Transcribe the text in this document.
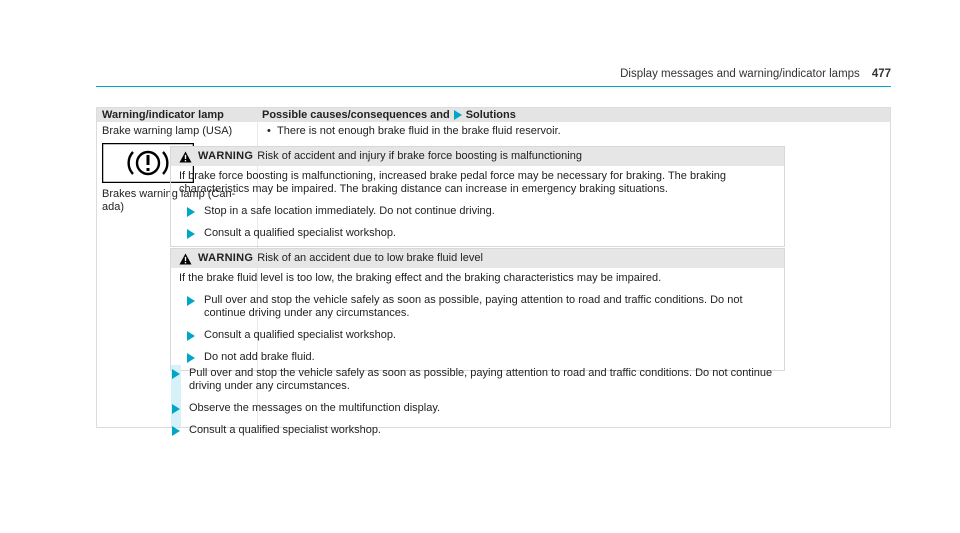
Display messages and warning/indicator lamps 477
Warning/indicator lamp	Possible causes/consequences and Solutions
Brake warning lamp (USA)
Brakes warning lamp (Can-ada)
• There is not enough brake fluid in the brake fluid reservoir.
WARNING Risk of accident and injury if brake force boosting is malfunctioning
If brake force boosting is malfunctioning, increased brake pedal force may be necessary for braking. The braking characteristics may be impaired. The braking distance can increase in emergency braking situations.
Stop in a safe location immediately. Do not continue driving.
Consult a qualified specialist workshop.
WARNING Risk of an accident due to low brake fluid level
If the brake fluid level is too low, the braking effect and the braking characteristics may be impaired.
Pull over and stop the vehicle safely as soon as possible, paying attention to road and traffic conditions. Do not continue driving under any circumstances.
Consult a qualified specialist workshop.
Do not add brake fluid.
Pull over and stop the vehicle safely as soon as possible, paying attention to road and traffic conditions. Do not continue driving under any circumstances.
Observe the messages on the multifunction display.
Consult a qualified specialist workshop.
